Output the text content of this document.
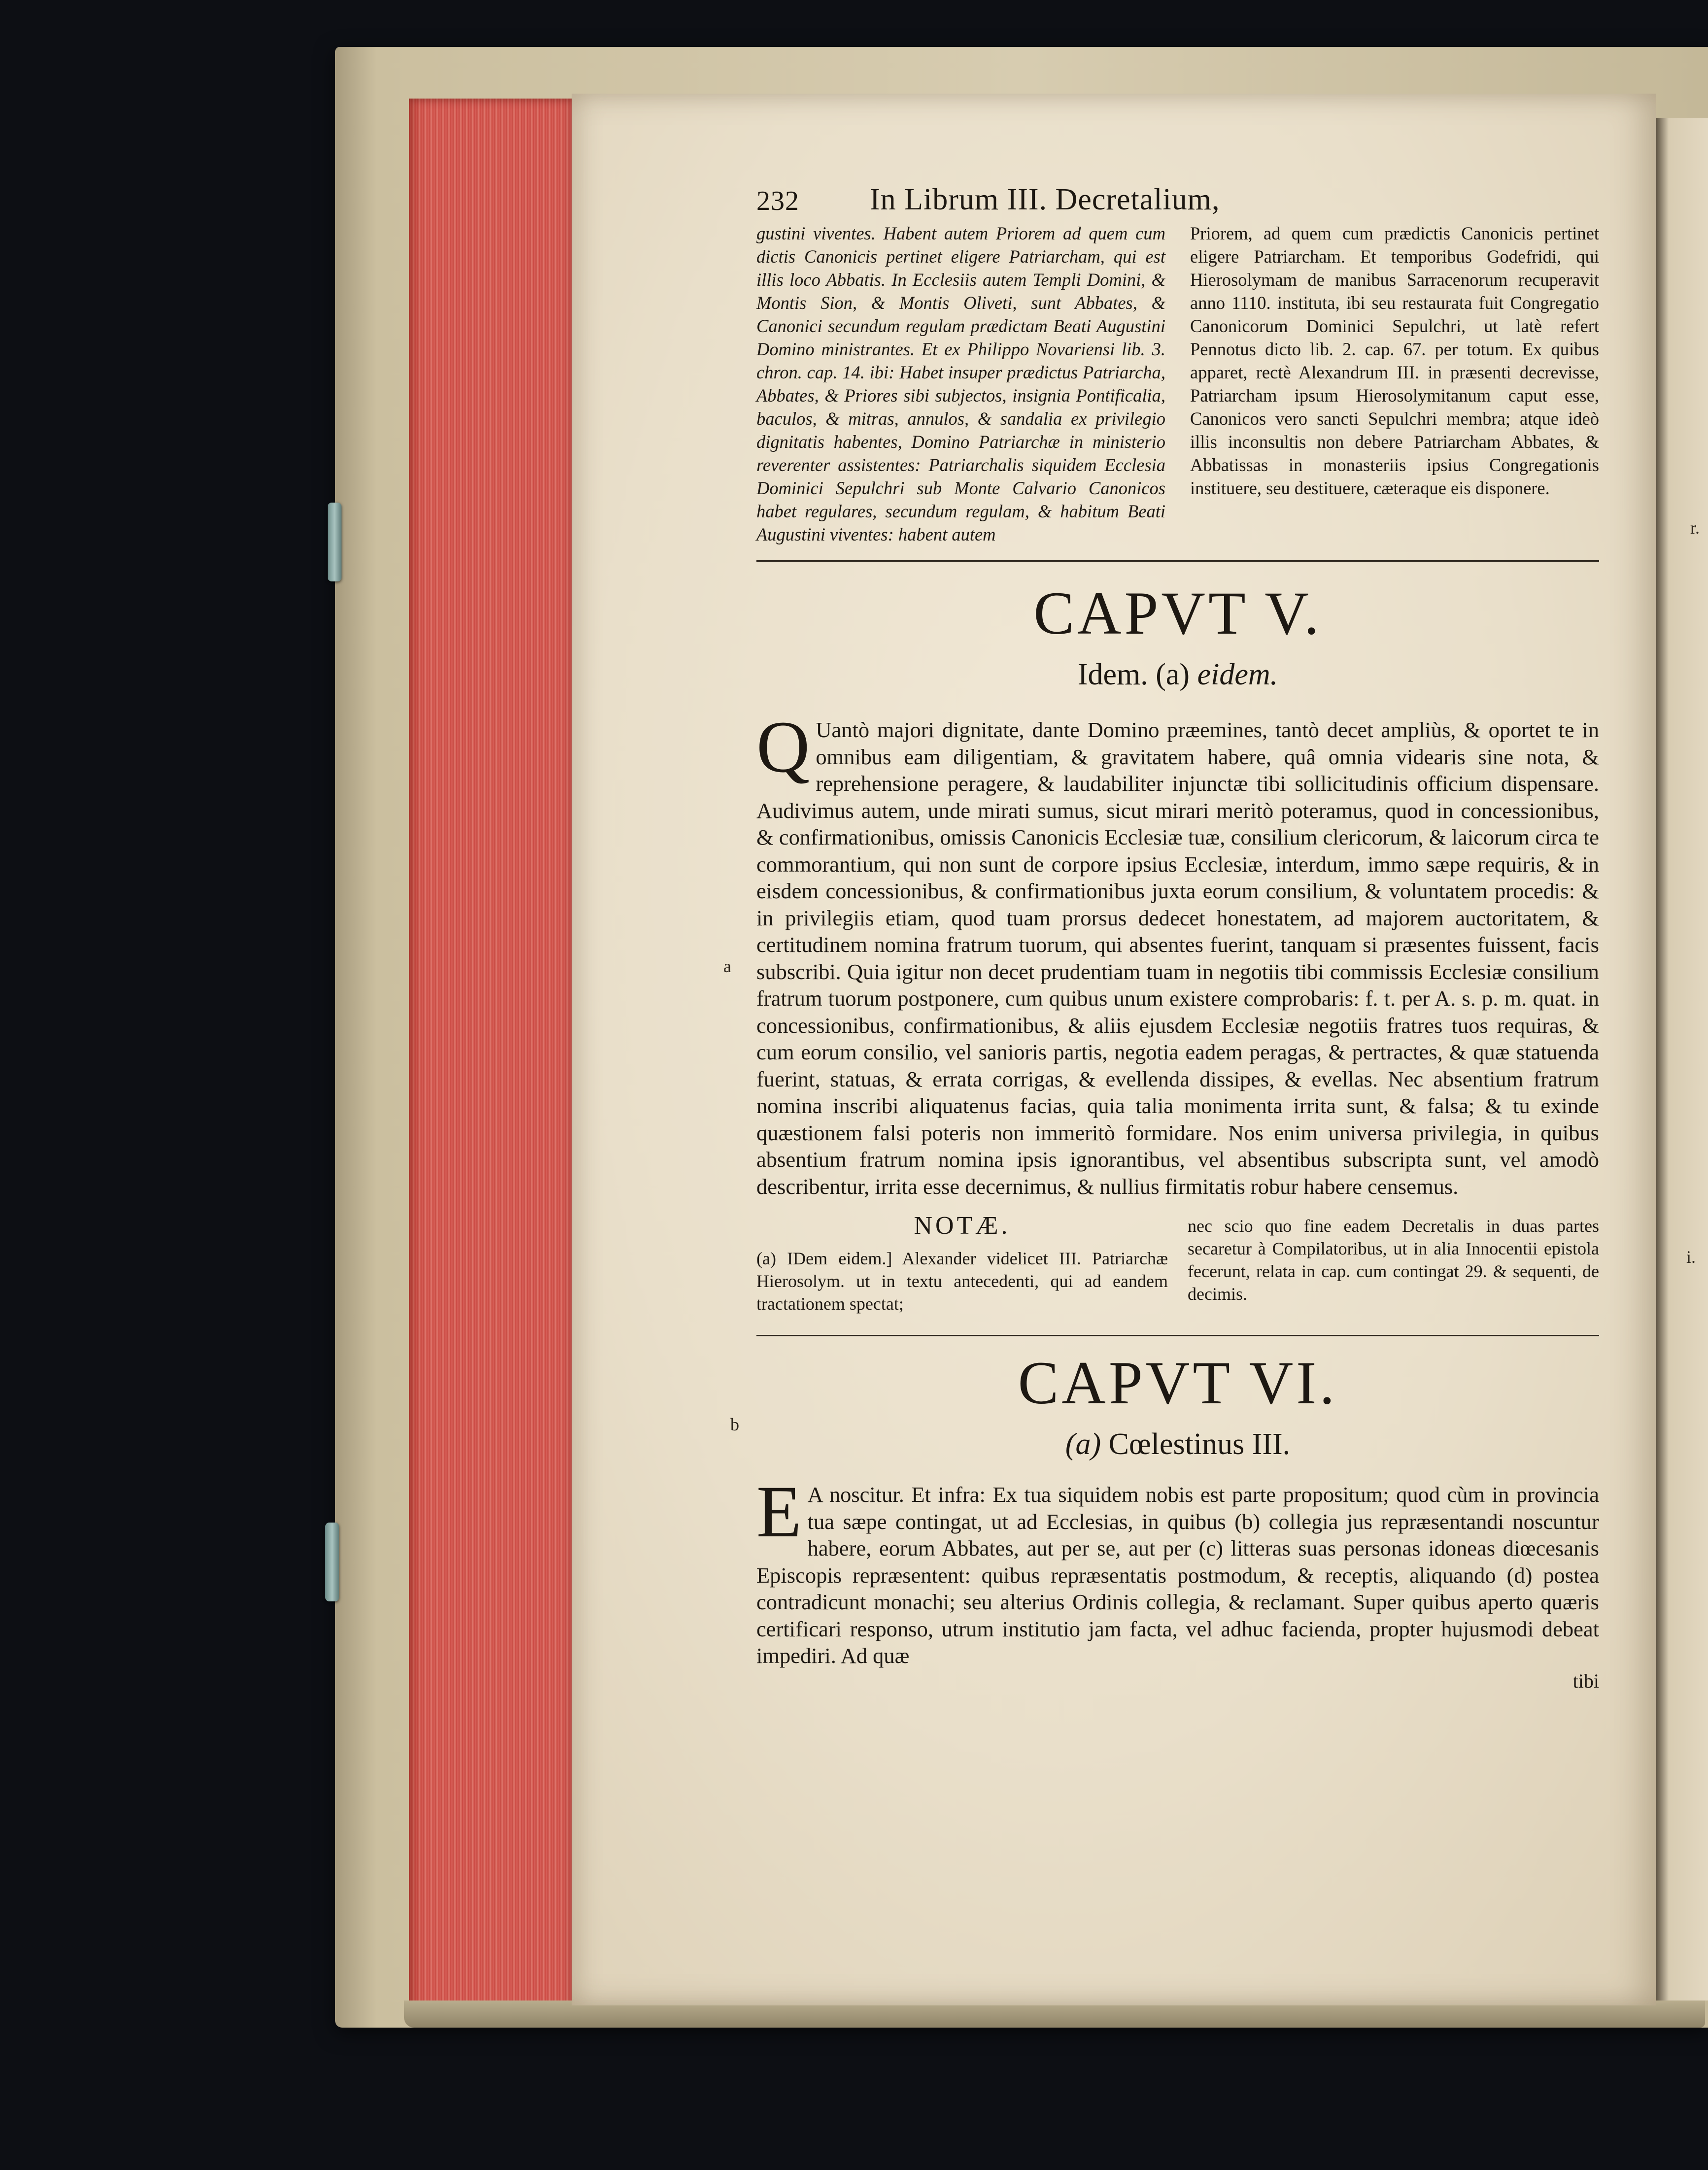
a
b
r.
i.
232 In Librum III. Decretalium,
gustini viventes. Habent autem Priorem ad quem cum dictis Canonicis pertinet eligere Patriarcham, qui est illis loco Abbatis. In Ecclesiis autem Templi Domini, & Montis Sion, & Montis Oliveti, sunt Abbates, & Canonici secundum regulam prædictam Beati Augustini Domino ministrantes. Et ex Philippo Novariensi lib. 3. chron. cap. 14. ibi: Habet insuper prædictus Patriarcha, Abbates, & Priores sibi subjectos, insignia Pontificalia, baculos, & mitras, annulos, & sandalia ex privilegio dignitatis habentes, Domino Patriarchæ in ministerio reverenter assistentes: Patriarchalis siquidem Ecclesia Dominici Sepulchri sub Monte Calvario Canonicos habet regulares, secundum regulam, & habitum Beati Augustini viventes: habent autem
Priorem, ad quem cum prædictis Canonicis pertinet eligere Patriarcham. Et temporibus Godefridi, qui Hierosolymam de manibus Sarracenorum recuperavit anno 1110. instituta, ibi seu restaurata fuit Congregatio Canonicorum Dominici Sepulchri, ut latè refert Pennotus dicto lib. 2. cap. 67. per totum. Ex quibus apparet, rectè Alexandrum III. in præsenti decrevisse, Patriarcham ipsum Hierosolymitanum caput esse, Canonicos vero sancti Sepulchri membra; atque ideò illis inconsultis non debere Patriarcham Abbates, & Abbatissas in monasteriis ipsius Congregationis instituere, seu destituere, cæteraque eis disponere.
CAPVT V.
Idem. (a) eidem.
Q Uantò majori dignitate, dante Domino præemines, tantò decet ampliùs, & oportet te in omnibus eam diligentiam, & gravitatem habere, quâ omnia videaris sine nota, & reprehensione peragere, & laudabiliter injunctæ tibi sollicitudinis officium dispensare. Audivimus autem, unde mirati sumus, sicut mirari meritò poteramus, quod in concessionibus, & confirmationibus, omissis Canonicis Ecclesiæ tuæ, consilium clericorum, & laicorum circa te commorantium, qui non sunt de corpore ipsius Ecclesiæ, interdum, immo sæpe requiris, & in eisdem concessionibus, & confirmationibus juxta eorum consilium, & voluntatem procedis: & in privilegiis etiam, quod tuam prorsus dedecet honestatem, ad majorem auctoritatem, & certitudinem nomina fratrum tuorum, qui absentes fuerint, tanquam si præsentes fuissent, facis subscribi. Quia igitur non decet prudentiam tuam in negotiis tibi commissis Ecclesiæ consilium fratrum tuorum postponere, cum quibus unum existere comprobaris: f. t. per A. s. p. m. quat. in concessionibus, confirmationibus, & aliis ejusdem Ecclesiæ negotiis fratres tuos requiras, & cum eorum consilio, vel sanioris partis, negotia eadem peragas, & pertractes, & quæ statuenda fuerint, statuas, & errata corrigas, & evellenda dissipes, & evellas. Nec absentium fratrum nomina inscribi aliquatenus facias, quia talia monimenta irrita sunt, & falsa; & tu exinde quæstionem falsi poteris non immeritò formidare. Nos enim universa privilegia, in quibus absentium fratrum nomina ipsis ignorantibus, vel absentibus subscripta sunt, vel amodò describentur, irrita esse decernimus, & nullius firmitatis robur habere censemus.
NOTÆ.
(a) IDem eidem.] Alexander videlicet III. Patriarchæ Hierosolym. ut in textu antecedenti, qui ad eandem tractationem spectat;
nec scio quo fine eadem Decretalis in duas partes secaretur à Compilatoribus, ut in alia Innocentii epistola fecerunt, relata in cap. cum contingat 29. & sequenti, de decimis.
CAPVT VI.
(a) Cœlestinus III.
E A noscitur. Et infra: Ex tua siquidem nobis est parte propositum; quod cùm in provincia tua sæpe contingat, ut ad Ecclesias, in quibus (b) collegia jus repræsentandi noscuntur habere, eorum Abbates, aut per se, aut per (c) litteras suas personas idoneas diœcesanis Episcopis repræsentent: quibus repræsentatis postmodum, & receptis, aliquando (d) postea contradicunt monachi; seu alterius Ordinis collegia, & reclamant. Super quibus aperto quæris certificari responso, utrum institutio jam facta, vel adhuc facienda, propter hujusmodi debeat impediri. Ad quæ
tibi
